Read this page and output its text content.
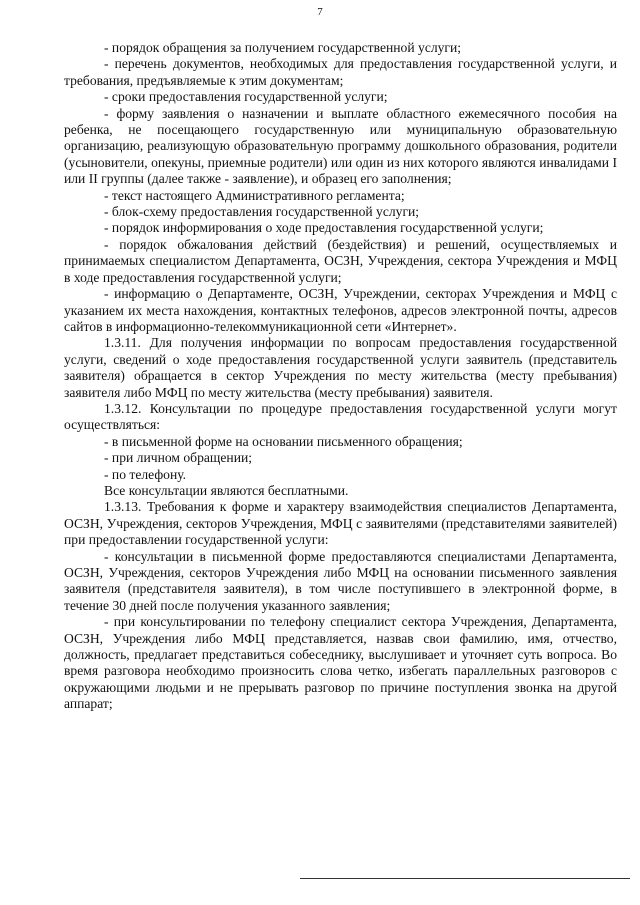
7

- порядок обращения за получением государственной услуги;

- перечень документов, необходимых для предоставления государственной услуги, и требования, предъявляемые к этим документам;

- сроки предоставления государственной услуги;

- форму заявления о назначении и выплате областного ежемесячного пособия на ребенка, не посещающего государственную или муниципальную образовательную организацию, реализующую образовательную программу дошкольного образования, родители (усыновители, опекуны, приемные родители) или один из них которого являются инвалидами I или II группы (далее также - заявление), и образец его заполнения;

- текст настоящего Административного регламента;

- блок-схему предоставления государственной услуги;

- порядок информирования о ходе предоставления государственной услуги;

- порядок обжалования действий (бездействия) и решений, осуществляемых и принимаемых специалистом Департамента, ОСЗН, Учреждения, сектора Учреждения и МФЦ в ходе предоставления государственной услуги;

- информацию о Департаменте, ОСЗН, Учреждении, секторах Учреждения и МФЦ с указанием их места нахождения, контактных телефонов, адресов электронной почты, адресов сайтов в информационно-телекоммуникационной сети «Интернет».

1.3.11. Для получения информации по вопросам предоставления государственной услуги, сведений о ходе предоставления государственной услуги заявитель (представитель заявителя) обращается в сектор Учреждения по месту жительства (месту пребывания) заявителя либо МФЦ по месту жительства (месту пребывания) заявителя.

1.3.12. Консультации по процедуре предоставления государственной услуги могут осуществляться:

- в письменной форме на основании письменного обращения;

- при личном обращении;

- по телефону.

Все консультации являются бесплатными.

1.3.13. Требования к форме и характеру взаимодействия специалистов Департамента, ОСЗН, Учреждения, секторов Учреждения, МФЦ с заявителями (представителями заявителей) при предоставлении государственной услуги:

- консультации в письменной форме предоставляются специалистами Департамента, ОСЗН, Учреждения, секторов Учреждения либо МФЦ на основании письменного заявления заявителя (представителя заявителя), в том числе поступившего в электронной форме, в течение 30 дней после получения указанного заявления;

- при консультировании по телефону специалист сектора Учреждения, Департамента, ОСЗН, Учреждения либо МФЦ представляется, назвав свои фамилию, имя, отчество, должность, предлагает представиться собеседнику, выслушивает и уточняет суть вопроса. Во время разговора необходимо произносить слова четко, избегать параллельных разговоров с окружающими людьми и не прерывать разговор по причине поступления звонка на другой аппарат;
